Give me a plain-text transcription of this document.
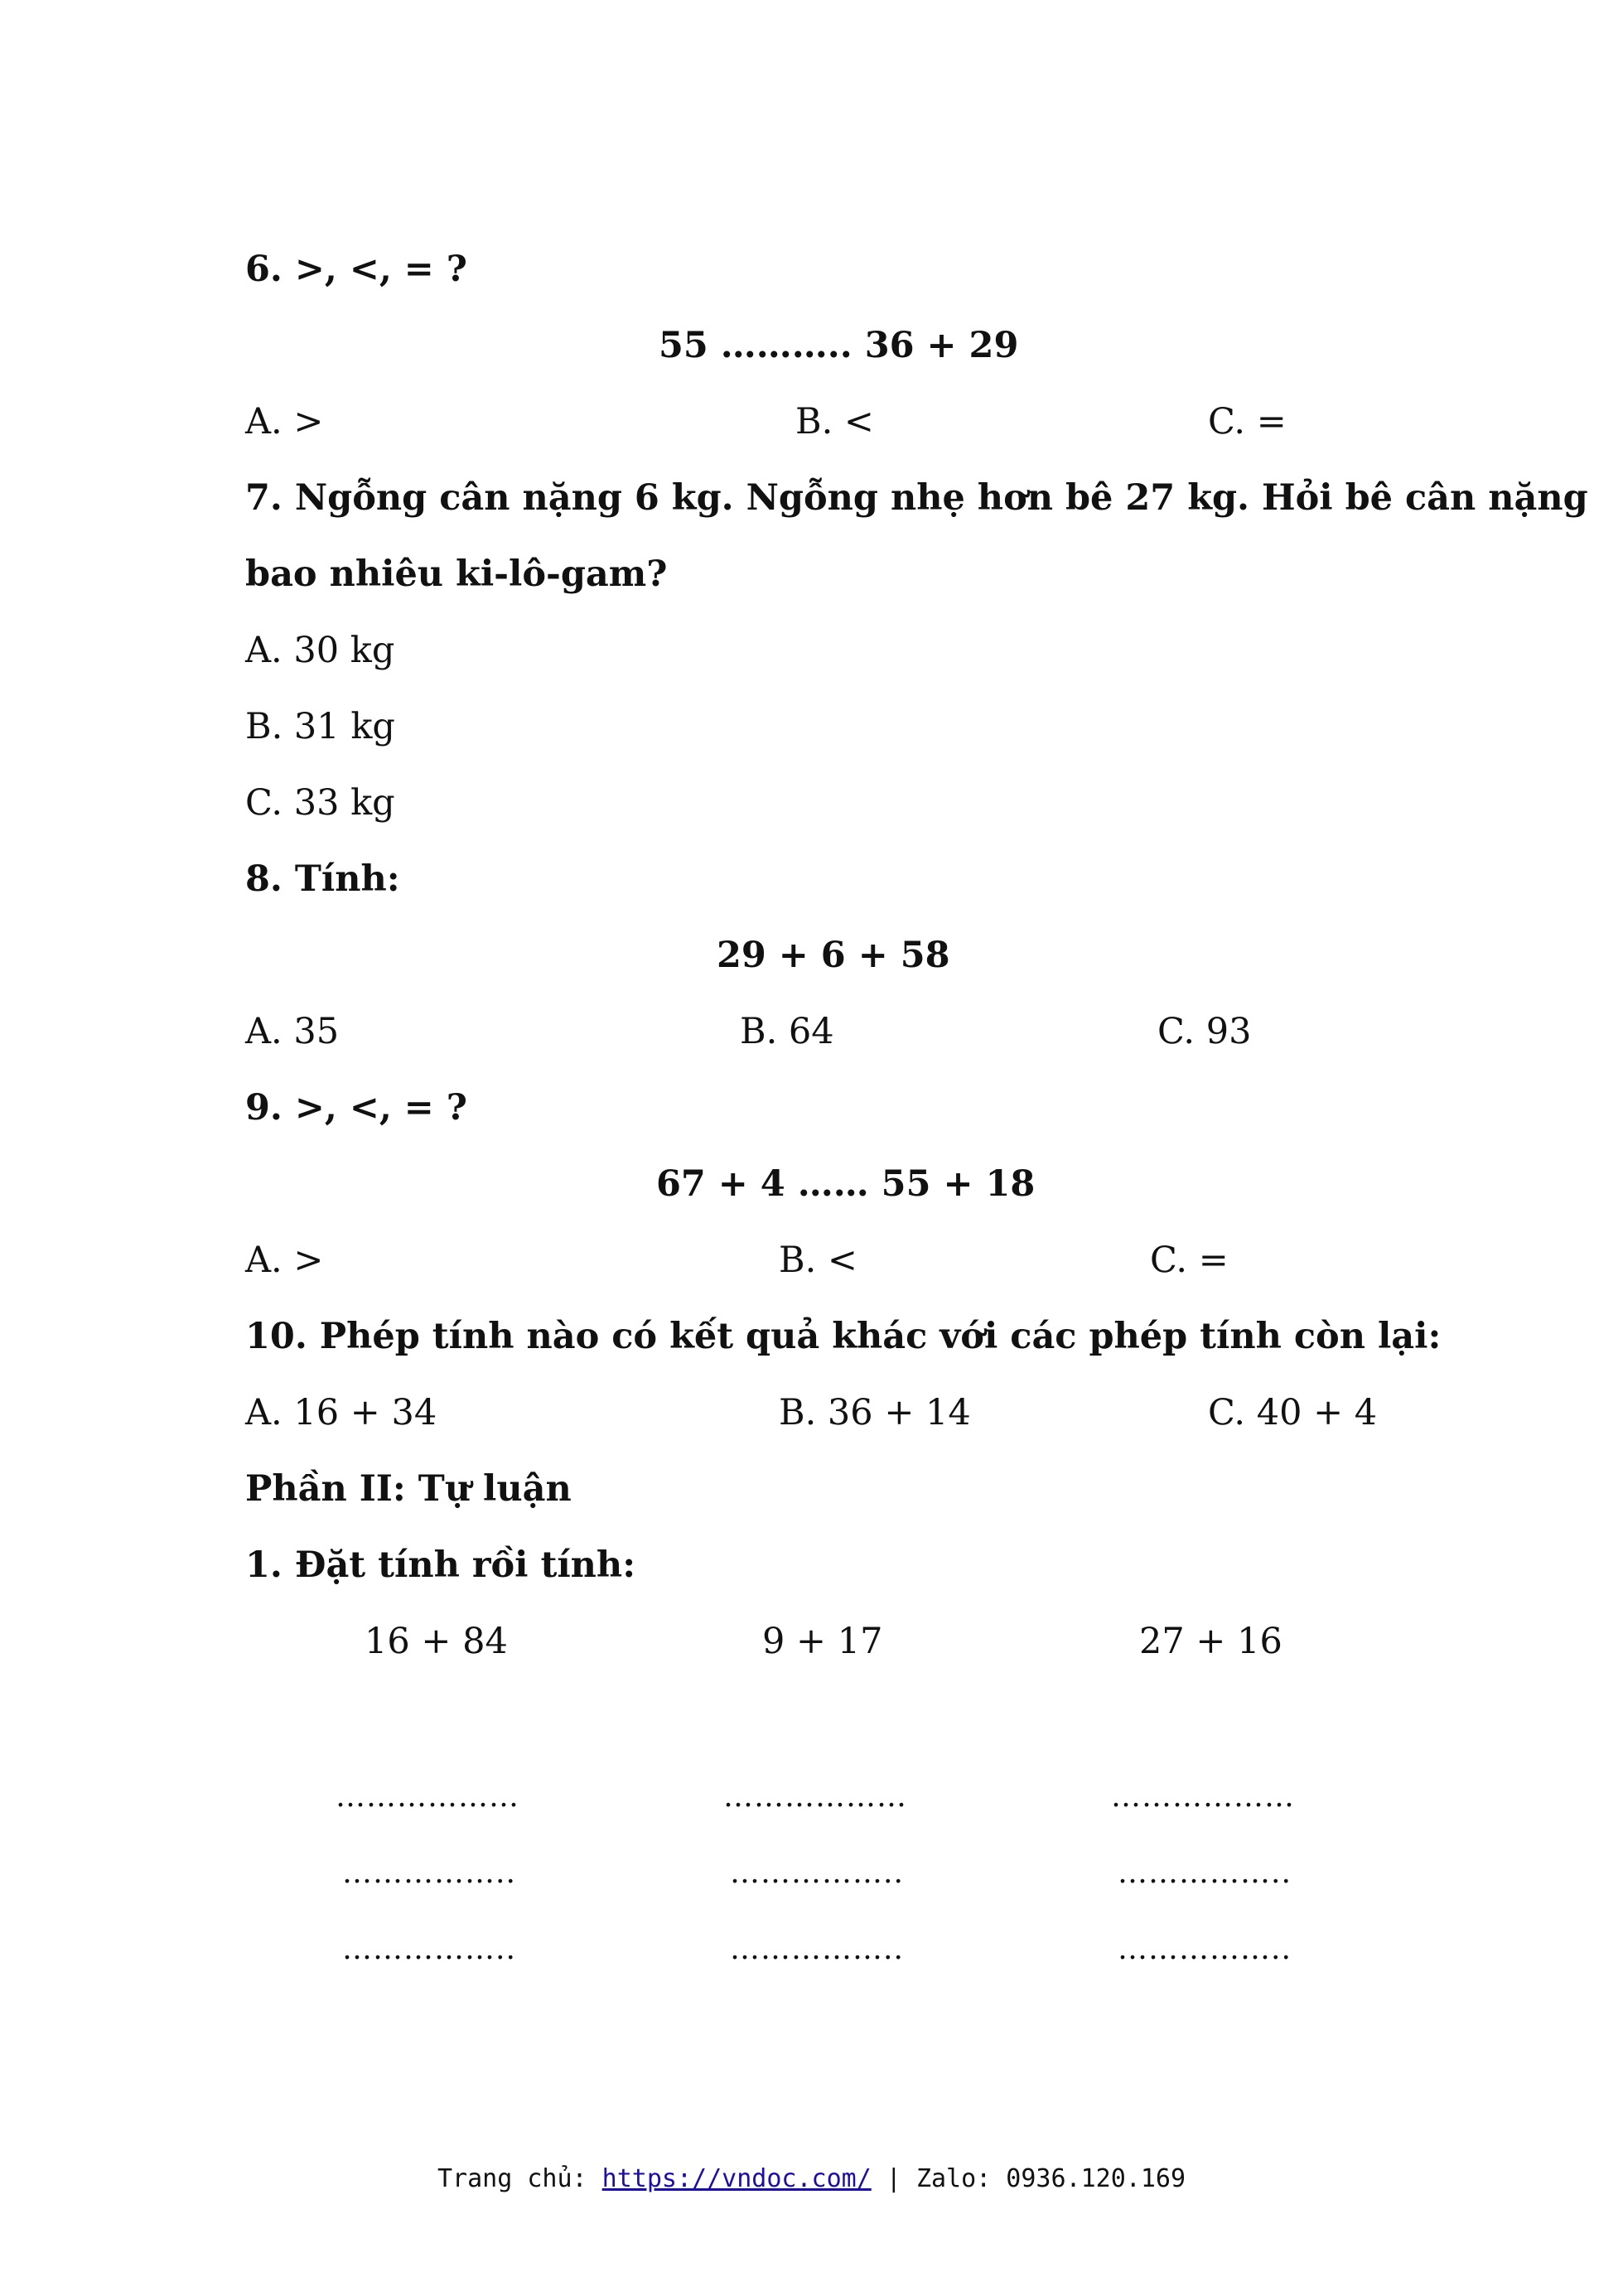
6. >, <, = ?
55 ……….. 36 + 29
A. >	B. <	C. =
7. Ngỗng cân nặng 6 kg. Ngỗng nhẹ hơn bê 27 kg. Hỏi bê cân nặng
bao nhiêu ki-lô-gam?
A. 30 kg
B. 31 kg
C. 33 kg
8. Tính:
29 + 6 + 58
A. 35	B. 64	C. 93
9. >, <, = ?
67 + 4 …… 55 + 18
A. >	B. <	C. =
10. Phép tính nào có kết quả khác với các phép tính còn lại:
A. 16 + 34	B. 36 + 14	C. 40 + 4
Phần II: Tự luận
1. Đặt tính rồi tính:
16 + 84	9 + 17	27 + 16
………………	………………	………………
……………..	……………..	……………..
……………..	……………..	……………..
Trang chủ: https://vndoc.com/ | Zalo: 0936.120.169
